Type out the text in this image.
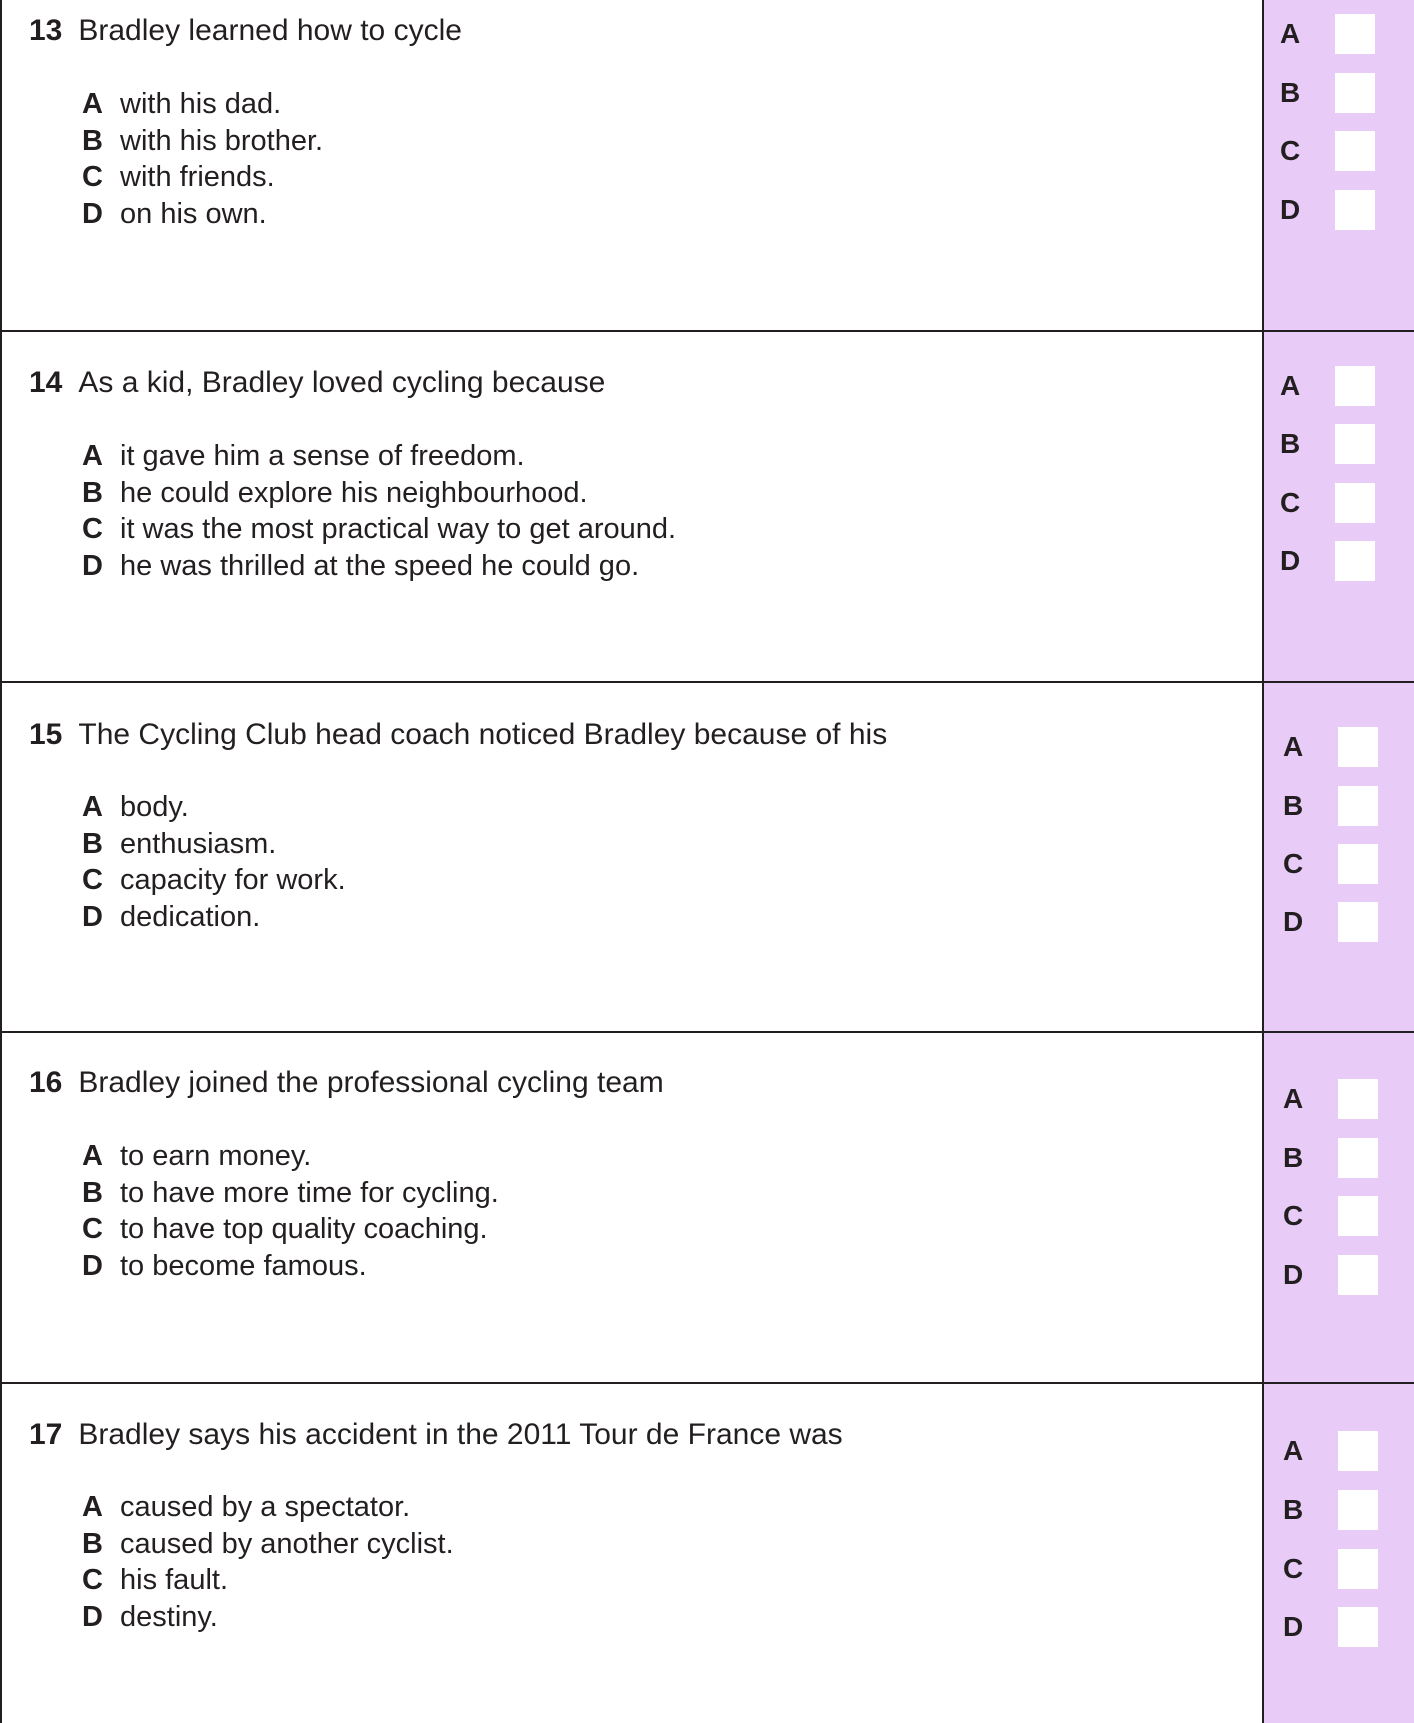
13 Bradley learned how to cycle
A with his dad.
B with his brother.
C with friends.
D on his own.
A
B
C
D
14 As a kid, Bradley loved cycling because
A it gave him a sense of freedom.
B he could explore his neighbourhood.
C it was the most practical way to get around.
D he was thrilled at the speed he could go.
A
B
C
D
15 The Cycling Club head coach noticed Bradley because of his
A body.
B enthusiasm.
C capacity for work.
D dedication.
A
B
C
D
16 Bradley joined the professional cycling team
A to earn money.
B to have more time for cycling.
C to have top quality coaching.
D to become famous.
A
B
C
D
17 Bradley says his accident in the 2011 Tour de France was
A caused by a spectator.
B caused by another cyclist.
C his fault.
D destiny.
A
B
C
D
